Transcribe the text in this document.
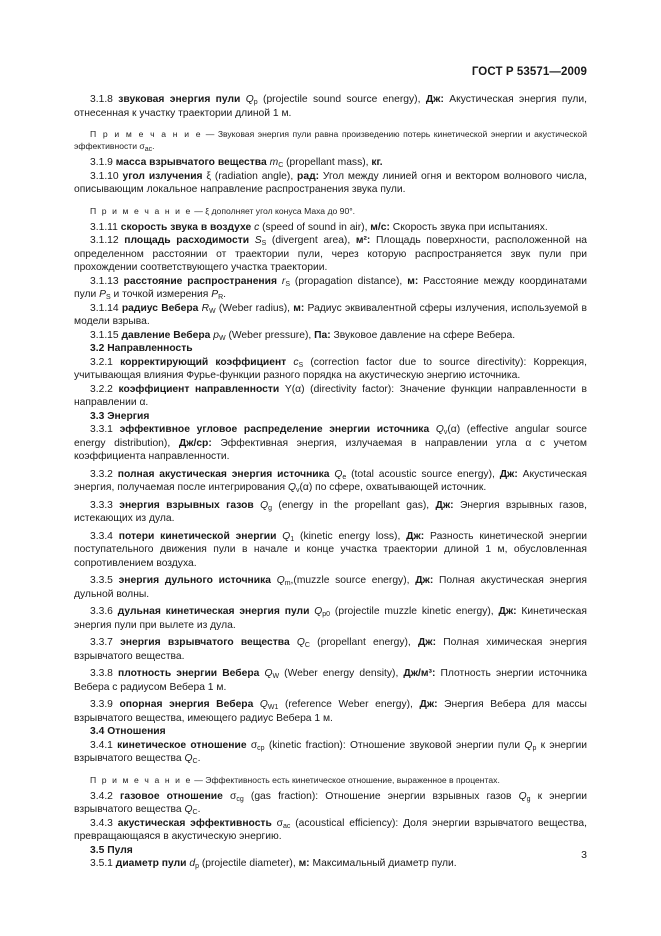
ГОСТ Р 53571—2009

3.1.8 звуковая энергия пули $Q_p$ (projectile sound source energy), Дж: Акустическая энергия пули, отнесенная к участку траектории длиной 1 м.

П р и м е ч а н и е — Звуковая энергия пули равна произведению потерь кинетической энергии и акустической эффективности $\sigma_{ac}$.

3.1.9 масса взрывчатого вещества $m_C$ (propellant mass), кг.

3.1.10 угол излучения ξ (radiation angle), рад: Угол между линией огня и вектором волнового числа, описывающим локальное направление распространения звука пули.

П р и м е ч а н и е — ξ дополняет угол конуса Маха до 90°.

3.1.11 скорость звука в воздухе c (speed of sound in air), м/с: Скорость звука при испытаниях.

3.1.12 площадь расходимости $S_S$ (divergent area), м²: Площадь поверхности, расположенной на определенном расстоянии от траектории пули, через которую распространяется звук пули при прохождении соответствующего участка траектории.

3.1.13 расстояние распространения $r_S$ (propagation distance), м: Расстояние между координатами пули $P_S$ и точкой измерения $P_R$.

3.1.14 радиус Вебера $R_W$ (Weber radius), м: Радиус эквивалентной сферы излучения, используемой в модели взрыва.

3.1.15 давление Вебера $p_W$ (Weber pressure), Па: Звуковое давление на сфере Вебера.

3.2 Направленность

3.2.1 корректирующий коэффициент $c_S$ (correction factor due to source directivity): Коррекция, учитывающая влияния Фурье-функции разного порядка на акустическую энергию источника.

3.2.2 коэффициент направленности Y(α) (directivity factor): Значение функции направленности в направлении α.

3.3 Энергия

3.3.1 эффективное угловое распределение энергии источника $Q_v(\alpha)$ (effective angular source energy distribution), Дж/ср: Эффективная энергия, излучаемая в направлении угла α с учетом коэффициента направленности.

3.3.2 полная акустическая энергия источника $Q_e$ (total acoustic source energy), Дж: Акустическая энергия, получаемая после интегрирования $Q_v(\alpha)$ по сфере, охватывающей источник.

3.3.3 энергия взрывных газов $Q_g$ (energy in the propellant gas), Дж: Энергия взрывных газов, истекающих из дула.

3.3.4 потери кинетической энергии $Q_1$ (kinetic energy loss), Дж: Разность кинетической энергии поступательного движения пули в начале и конце участка траектории длиной 1 м, обусловленная сопротивлением воздуха.

3.3.5 энергия дульного источника $Q_m,(muzzle$ source energy), Дж: Полная акустическая энергия дульной волны.

3.3.6 дульная кинетическая энергия пули $Q_{p0}$ (projectile muzzle kinetic energy), Дж: Кинетическая энергия пули при вылете из дула.

3.3.7 энергия взрывчатого вещества $Q_C$ (propellant energy), Дж: Полная химическая энергия взрывчатого вещества.

3.3.8 плотность энергии Вебера $Q_W$ (Weber energy density), Дж/м³: Плотность энергии источника Вебера с радиусом Вебера 1 м.

3.3.9 опорная энергия Вебера $Q_{W1}$ (reference Weber energy), Дж: Энергия Вебера для массы взрывчатого вещества, имеющего радиус Вебера 1 м.

3.4 Отношения

3.4.1 кинетическое отношение $\sigma_{cp}$ (kinetic fraction): Отношение звуковой энергии пули $Q_p$ к энергии взрывчатого вещества $Q_C$.

П р и м е ч а н и е — Эффективность есть кинетическое отношение, выраженное в процентах.

3.4.2 газовое отношение $\sigma_{cg}$ (gas fraction): Отношение энергии взрывных газов $Q_g$ к энергии взрывчатого вещества $Q_C$.

3.4.3 акустическая эффективность $\sigma_{ac}$ (acoustical efficiency): Доля энергии взрывчатого вещества, превращающаяся в акустическую энергию.

3.5 Пуля

3.5.1 диаметр пули $d_p$ (projectile diameter), м: Максимальный диаметр пули.

3
